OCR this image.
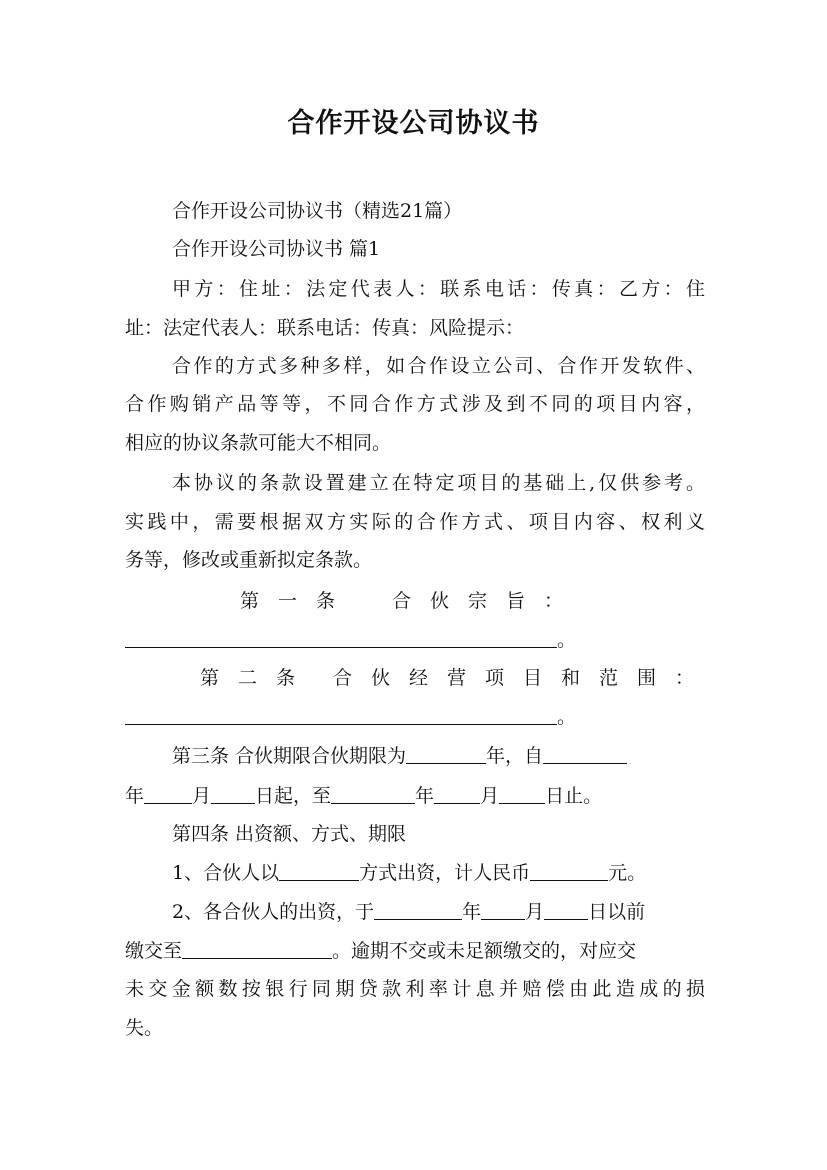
合作开设公司协议书
合作开设公司协议书（精选21篇）
合作开设公司协议书 篇1
甲方：住址：法定代表人：联系电话：传真：乙方：住
址：法定代表人：联系电话：传真：风险提示：
合作的方式多种多样，如合作设立公司、合作开发软件、
合作购销产品等等，不同合作方式涉及到不同的项目内容，
相应的协议条款可能大不相同。
本协议的条款设置建立在特定项目的基础上,仅供参考。
实践中，需要根据双方实际的合作方式、项目内容、权利义
务等，修改或重新拟定条款。
第　一　条　　　合　伙　宗　旨　：
。
第　二　条　　合　伙　经　营　项　目　和　范　围　：
。
第三条 合伙期限合伙期限为	年，自
年	月 日起，至	年 月 日止。
第四条 出资额、方式、期限
1、合伙人以	方式出资，计人民币	元。
2、各合伙人的出资，于	年 月 日以前
缴交至	。逾期不交或未足额缴交的，对应交
未交金额数按银行同期贷款利率计息并赔偿由此造成的损
失。
